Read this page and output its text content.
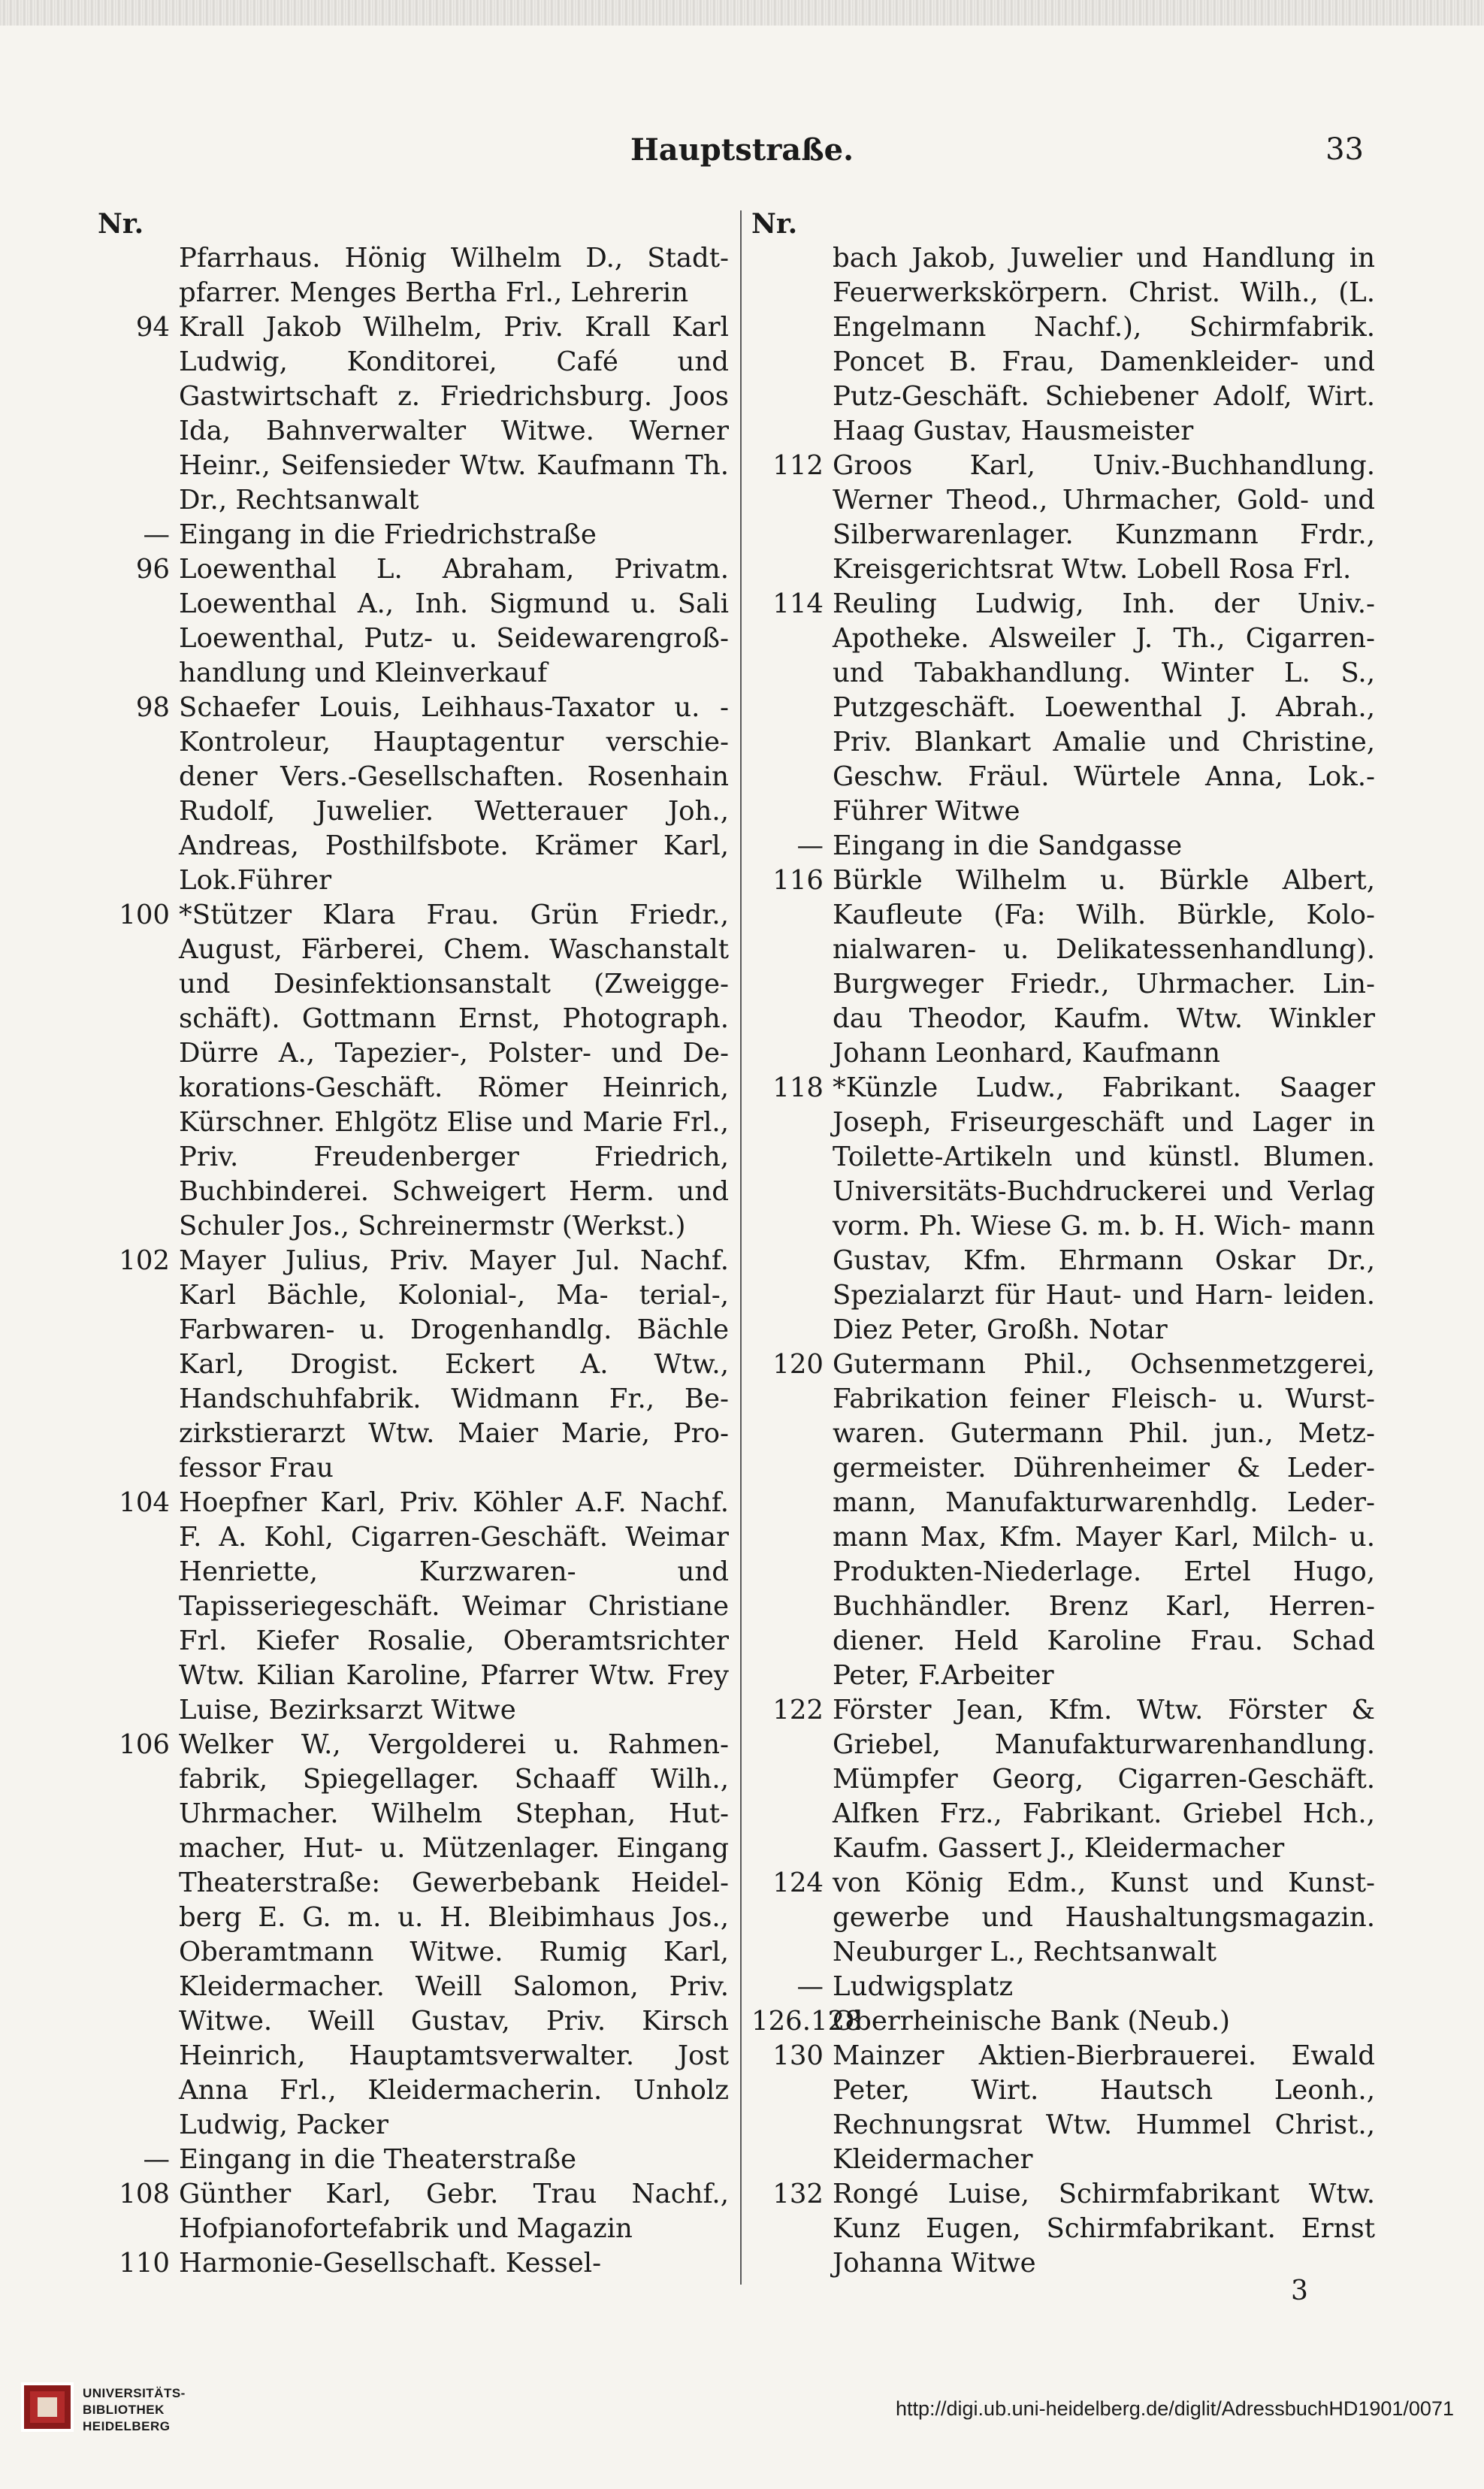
Hauptstraße.	33
Nr.
Pfarrhaus. Hönig Wilhelm D., Stadt- pfarrer. Menges Bertha Frl., Lehrerin
94 Krall Jakob Wilhelm, Priv. Krall Karl Ludwig, Konditorei, Café und Gastwirtschaft z. Friedrichsburg. Joos Ida, Bahnverwalter Witwe. Werner Heinr., Seifensieder Wtw. Kaufmann Th. Dr., Rechtsanwalt
— Eingang in die Friedrichstraße
96 Loewenthal L. Abraham, Privatm. Loewenthal A., Inh. Sigmund u. Sali Loewenthal, Putz- u. Seidewarengroß- handlung und Kleinverkauf
98 Schaefer Louis, Leihhaus-Taxator u. -Kontroleur, Hauptagentur verschie- dener Vers.-Gesellschaften. Rosenhain Rudolf, Juwelier. Wetterauer Joh., Andreas, Posthilfsbote. Krämer Karl, Lok.Führer
100 *Stützer Klara Frau. Grün Friedr., August, Färberei, Chem. Waschanstalt und Desinfektionsanstalt (Zweigge- schäft). Gottmann Ernst, Photograph. Dürre A., Tapezier-, Polster- und De- korations-Geschäft. Römer Heinrich, Kürschner. Ehlgötz Elise und Marie Frl., Priv. Freudenberger Friedrich, Buchbinderei. Schweigert Herm. und Schuler Jos., Schreinermstr (Werkst.)
102 Mayer Julius, Priv. Mayer Jul. Nachf. Karl Bächle, Kolonial-, Ma- terial-, Farbwaren- u. Drogenhandlg. Bächle Karl, Drogist. Eckert A. Wtw., Handschuhfabrik. Widmann Fr., Be- zirkstierarzt Wtw. Maier Marie, Pro- fessor Frau
104 Hoepfner Karl, Priv. Köhler A.F. Nachf. F. A. Kohl, Cigarren-Geschäft. Weimar Henriette, Kurzwaren- und Tapisseriegeschäft. Weimar Christiane Frl. Kiefer Rosalie, Oberamtsrichter Wtw. Kilian Karoline, Pfarrer Wtw. Frey Luise, Bezirksarzt Witwe
106 Welker W., Vergolderei u. Rahmen- fabrik, Spiegellager. Schaaff Wilh., Uhrmacher. Wilhelm Stephan, Hut- macher, Hut- u. Mützenlager. Eingang Theaterstraße: Gewerbebank Heidel- berg E. G. m. u. H. Bleibimhaus Jos., Oberamtmann Witwe. Rumig Karl, Kleidermacher. Weill Salomon, Priv. Witwe. Weill Gustav, Priv. Kirsch Heinrich, Hauptamtsverwalter. Jost Anna Frl., Kleidermacherin. Unholz Ludwig, Packer
— Eingang in die Theaterstraße
108 Günther Karl, Gebr. Trau Nachf., Hofpianofortefabrik und Magazin
110 Harmonie-Gesellschaft. Kessel-
Nr.
bach Jakob, Juwelier und Handlung in Feuerwerkskörpern. Christ. Wilh., (L. Engelmann Nachf.), Schirmfabrik. Poncet B. Frau, Damenkleider- und Putz-Geschäft. Schiebener Adolf, Wirt. Haag Gustav, Hausmeister
112 Groos Karl, Univ.-Buchhandlung. Werner Theod., Uhrmacher, Gold- und Silberwarenlager. Kunzmann Frdr., Kreisgerichtsrat Wtw. Lobell Rosa Frl.
114 Reuling Ludwig, Inh. der Univ.- Apotheke. Alsweiler J. Th., Cigarren- und Tabakhandlung. Winter L. S., Putzgeschäft. Loewenthal J. Abrah., Priv. Blankart Amalie und Christine, Geschw. Fräul. Würtele Anna, Lok.- Führer Witwe
— Eingang in die Sandgasse
116 Bürkle Wilhelm u. Bürkle Albert, Kaufleute (Fa: Wilh. Bürkle, Kolo- nialwaren- u. Delikatessenhandlung). Burgweger Friedr., Uhrmacher. Lin- dau Theodor, Kaufm. Wtw. Winkler Johann Leonhard, Kaufmann
118 *Künzle Ludw., Fabrikant. Saager Joseph, Friseurgeschäft und Lager in Toilette-Artikeln und künstl. Blumen. Universitäts-Buchdruckerei und Verlag vorm. Ph. Wiese G. m. b. H. Wich- mann Gustav, Kfm. Ehrmann Oskar Dr., Spezialarzt für Haut- und Harn- leiden. Diez Peter, Großh. Notar
120 Gutermann Phil., Ochsenmetzgerei, Fabrikation feiner Fleisch- u. Wurst- waren. Gutermann Phil. jun., Metz- germeister. Dührenheimer & Leder- mann, Manufakturwarenhdlg. Leder- mann Max, Kfm. Mayer Karl, Milch- u. Produkten-Niederlage. Ertel Hugo, Buchhändler. Brenz Karl, Herren- diener. Held Karoline Frau. Schad Peter, F.Arbeiter
122 Förster Jean, Kfm. Wtw. Förster & Griebel, Manufakturwarenhandlung. Mümpfer Georg, Cigarren-Geschäft. Alfken Frz., Fabrikant. Griebel Hch., Kaufm. Gassert J., Kleidermacher
124 von König Edm., Kunst und Kunst- gewerbe und Haushaltungsmagazin. Neuburger L., Rechtsanwalt
— Ludwigsplatz
126.128
Oberrheinische Bank (Neub.)
130 Mainzer Aktien-Bierbrauerei. Ewald Peter, Wirt. Hautsch Leonh., Rechnungsrat Wtw. Hummel Christ., Kleidermacher
132 Rongé Luise, Schirmfabrikant Wtw. Kunz Eugen, Schirmfabrikant. Ernst Johanna Witwe
3
UNIVERSITÄTS-
BIBLIOTHEK
HEIDELBERG
http://digi.ub.uni-heidelberg.de/diglit/AdressbuchHD1901/0071
